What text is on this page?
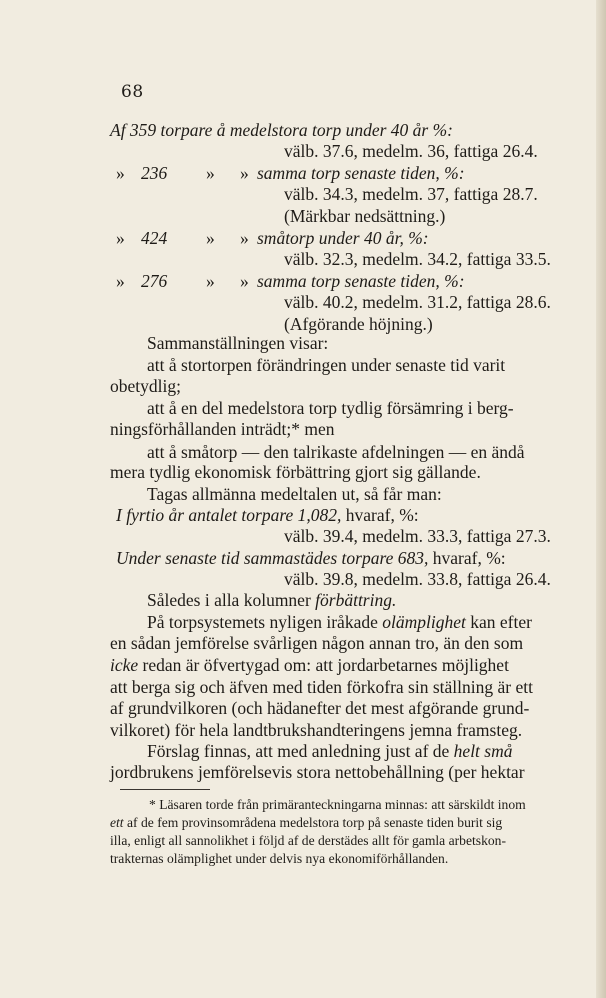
68
Af 359 torpare å medelstora torp under 40 år %:
välb. 37.6, medelm. 36, fattiga 26.4.
» 236 » » samma torp senaste tiden, %:
välb. 34.3, medelm. 37, fattiga 28.7.
(Märkbar nedsättning.)
» 424 » » småtorp under 40 år, %:
välb. 32.3, medelm. 34.2, fattiga 33.5.
» 276 » » samma torp senaste tiden, %:
välb. 40.2, medelm. 31.2, fattiga 28.6.
(Afgörande höjning.)
Sammanställningen visar:
att å stortorpen förändringen under senaste tid varit
obetydlig;
att å en del medelstora torp tydlig försämring i berg-
ningsförhållanden inträdt;* men
att å småtorp — den talrikaste afdelningen — en ändå
mera tydlig ekonomisk förbättring gjort sig gällande.
Tagas allmänna medeltalen ut, så får man:
I fyrtio år antalet torpare 1,082, hvaraf, %:
välb. 39.4, medelm. 33.3, fattiga 27.3.
Under senaste tid sammastädes torpare 683, hvaraf, %:
välb. 39.8, medelm. 33.8, fattiga 26.4.
Således i alla kolumner förbättring.
På torpsystemets nyligen iråkade olämplighet kan efter
en sådan jemförelse svårligen någon annan tro, än den som
icke redan är öfvertygad om: att jordarbetarnes möjlighet
att berga sig och äfven med tiden förkofra sin ställning är ett
af grundvilkoren (och hädanefter det mest afgörande grund-
vilkoret) för hela landtbrukshandteringens jemna framsteg.
Förslag finnas, att med anledning just af de helt små
jordbrukens jemförelsevis stora nettobehållning (per hektar
* Läsaren torde från primäranteckningarna minnas: att särskildt inom
ett af de fem provinsområdena medelstora torp på senaste tiden burit sig
illa, enligt all sannolikhet i följd af de derstädes allt för gamla arbetskon-
trakternas olämplighet under delvis nya ekonomiförhållanden.
